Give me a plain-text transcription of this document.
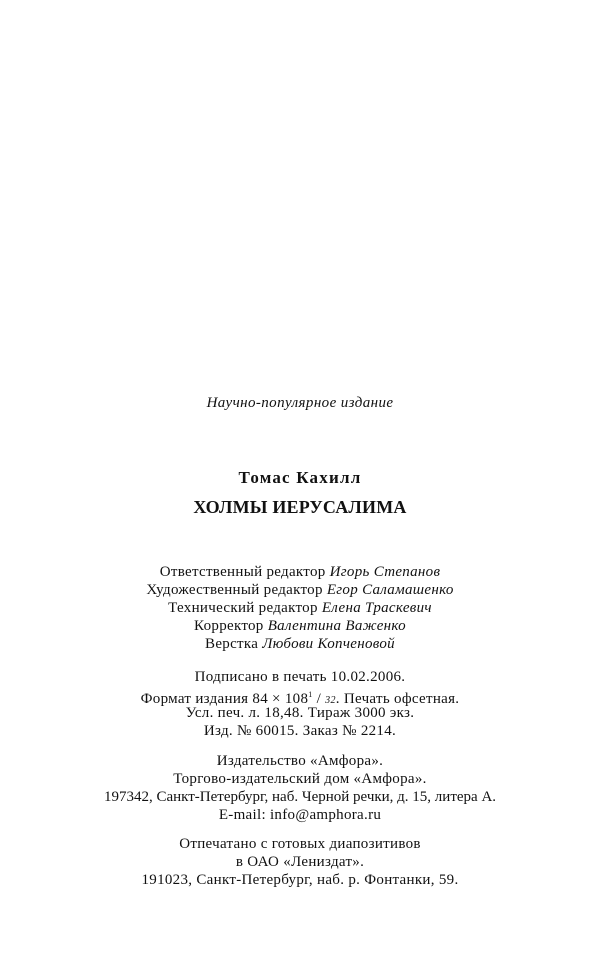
Научно-популярное издание
Томас Кахилл
ХОЛМЫ ИЕРУСАЛИМА
Ответственный редактор Игорь Степанов
Художественный редактор Егор Саламашенко
Технический редактор Елена Траскевич
Корректор Валентина Важенко
Верстка Любови Копченовой
Подписано в печать 10.02.2006.
Формат издания $84 \times 108^1 / 32$. Печать офсетная.
Усл. печ. л. 18,48. Тираж 3000 экз.
Изд. № 60015. Заказ № 2214.
Издательство «Амфора».
Торгово-издательский дом «Амфора».
197342, Санкт-Петербург, наб. Черной речки, д. 15, литера А.
E-mail: info@amphora.ru
Отпечатано с готовых диапозитивов
в ОАО «Лениздат».
191023, Санкт-Петербург, наб. р. Фонтанки, 59.
